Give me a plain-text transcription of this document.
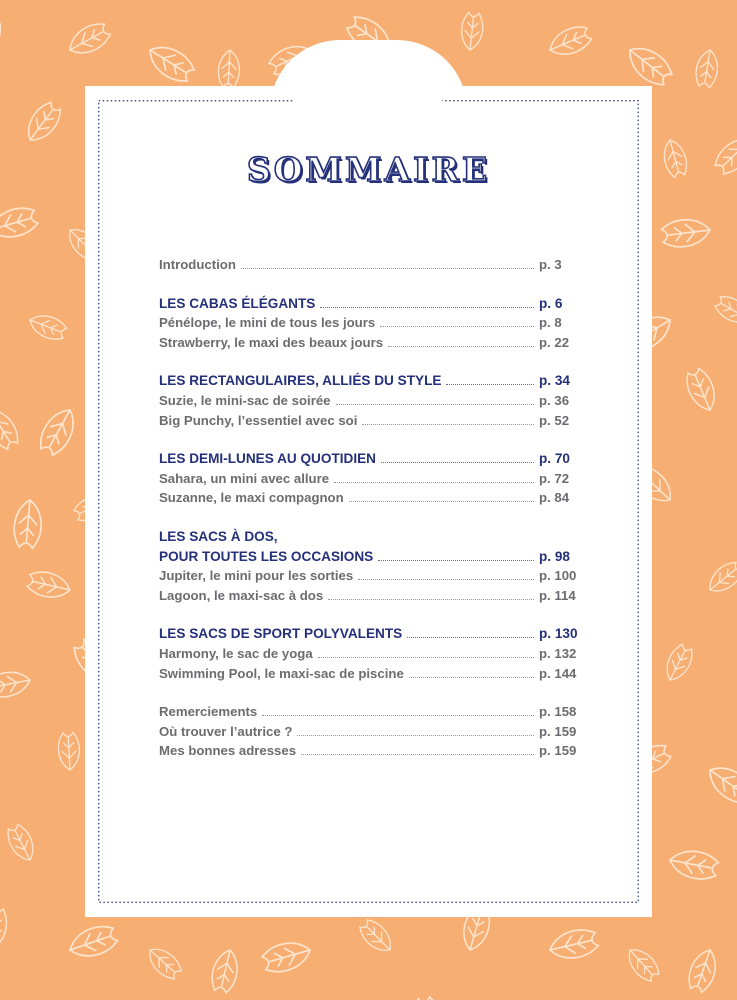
SOMMAIRE
Introduction	p. 3
LES CABAS ÉLÉGANTS	p. 6
Pénélope, le mini de tous les jours	p. 8
Strawberry, le maxi des beaux jours	p. 22
LES RECTANGULAIRES, ALLIÉS DU STYLE	p. 34
Suzie, le mini-sac de soirée	p. 36
Big Punchy, l’essentiel avec soi	p. 52
LES DEMI-LUNES AU QUOTIDIEN	p. 70
Sahara, un mini avec allure	p. 72
Suzanne, le maxi compagnon	p. 84
LES SACS À DOS,
POUR TOUTES LES OCCASIONS	p. 98
Jupiter, le mini pour les sorties	p. 100
Lagoon, le maxi-sac à dos	p. 114
LES SACS DE SPORT POLYVALENTS	p. 130
Harmony, le sac de yoga	p. 132
Swimming Pool, le maxi-sac de piscine	p. 144
Remerciements	p. 158
Où trouver l’autrice ?	p. 159
Mes bonnes adresses	p. 159
